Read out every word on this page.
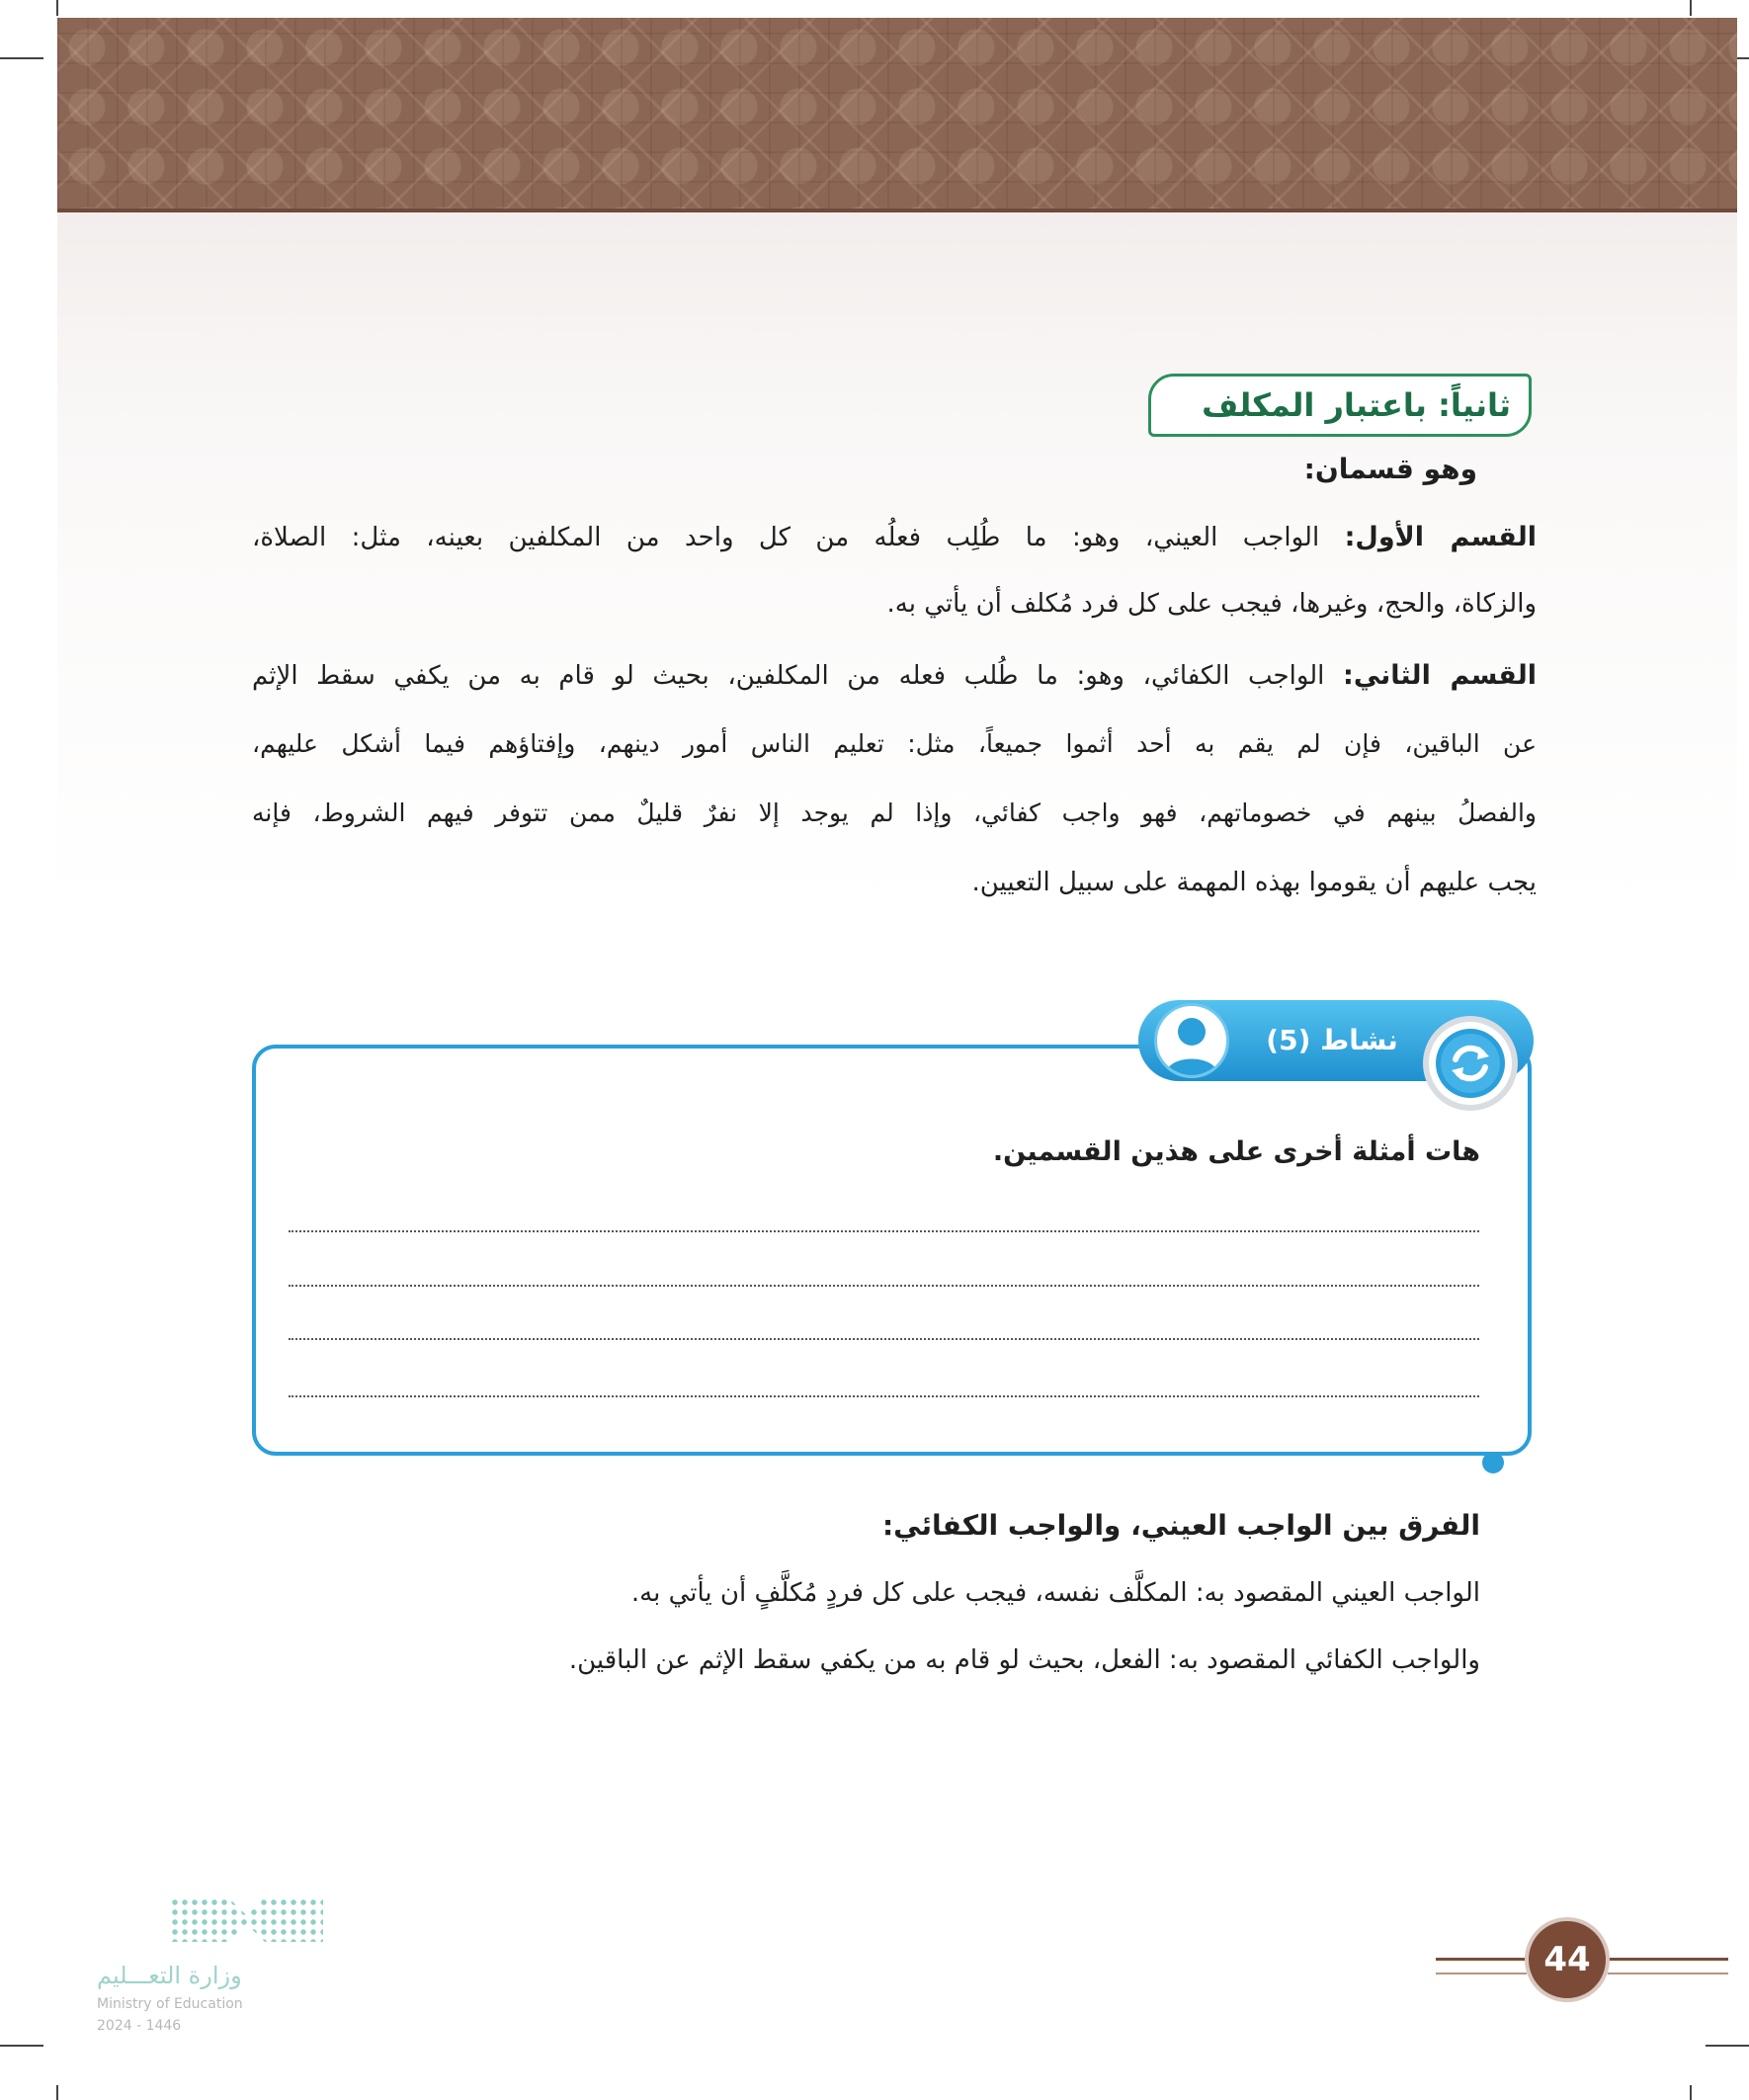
ثانياً: باعتبار المكلف
وهو قسمان:
القسم الأول: الواجب العيني، وهو: ما طُلِب فعلُه من كل واحد من المكلفين بعينه، مثل: الصلاة،
والزكاة، والحج، وغيرها، فيجب على كل فرد مُكلف أن يأتي به.
القسم الثاني: الواجب الكفائي، وهو: ما طُلب فعله من المكلفين، بحيث لو قام به من يكفي سقط الإثم
عن الباقين، فإن لم يقم به أحد أثموا جميعاً، مثل: تعليم الناس أمور دينهم، وإفتاؤهم فيما أشكل عليهم،
والفصلُ بينهم في خصوماتهم، فهو واجب كفائي، وإذا لم يوجد إلا نفرٌ قليلٌ ممن تتوفر فيهم الشروط، فإنه
يجب عليهم أن يقوموا بهذه المهمة على سبيل التعيين.
نشاط (5)
هات أمثلة أخرى على هذين القسمين.
الفرق بين الواجب العيني، والواجب الكفائي:
الواجب العيني المقصود به: المكلَّف نفسه، فيجب على كل فردٍ مُكلَّفٍ أن يأتي به.
والواجب الكفائي المقصود به: الفعل، بحيث لو قام به من يكفي سقط الإثم عن الباقين.
44
وزارة التعـــليم
Ministry of Education
2024 - 1446
